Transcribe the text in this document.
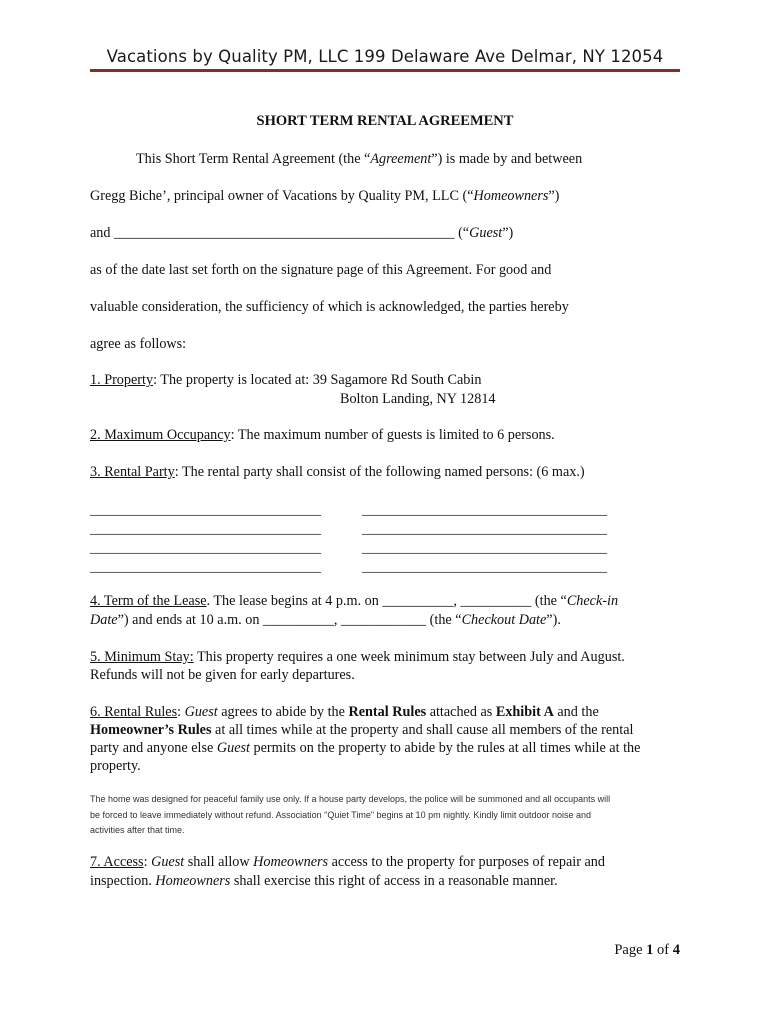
Vacations by Quality PM, LLC 199 Delaware Ave Delmar, NY 12054
SHORT TERM RENTAL AGREEMENT
This Short Term Rental Agreement (the “Agreement”) is made by and between
Gregg Biche’, principal owner of Vacations by Quality PM, LLC (“Homeowners”)
and ________________________________________________ (“Guest”)
as of the date last set forth on the signature page of this Agreement. For good and
valuable consideration, the sufficiency of which is acknowledged, the parties hereby
agree as follows:
1. Property: The property is located at: 39 Sagamore Rd South Cabin
Bolton Landing, NY 12814
2. Maximum Occupancy: The maximum number of guests is limited to 6 persons.
3. Rental Party: The rental party shall consist of the following named persons: (6 max.)
_________________________________	___________________________________
_________________________________	___________________________________
_________________________________	___________________________________
_________________________________	___________________________________
4. Term of the Lease. The lease begins at 4 p.m. on __________, __________ (the “Check-in
Date”) and ends at 10 a.m. on __________, ____________ (the “Checkout Date”).
5. Minimum Stay: This property requires a one week minimum stay between July and August.
Refunds will not be given for early departures.
6. Rental Rules: Guest agrees to abide by the Rental Rules attached as Exhibit A and the
Homeowner’s Rules at all times while at the property and shall cause all members of the rental
party and anyone else Guest permits on the property to abide by the rules at all times while at the
property.
The home was designed for peaceful family use only. If a house party develops, the police will be summoned and all occupants will
be forced to leave immediately without refund. Association "Quiet Time" begins at 10 pm nightly. Kindly limit outdoor noise and
activities after that time.
7. Access: Guest shall allow Homeowners access to the property for purposes of repair and
inspection. Homeowners shall exercise this right of access in a reasonable manner.
Page 1 of 4
